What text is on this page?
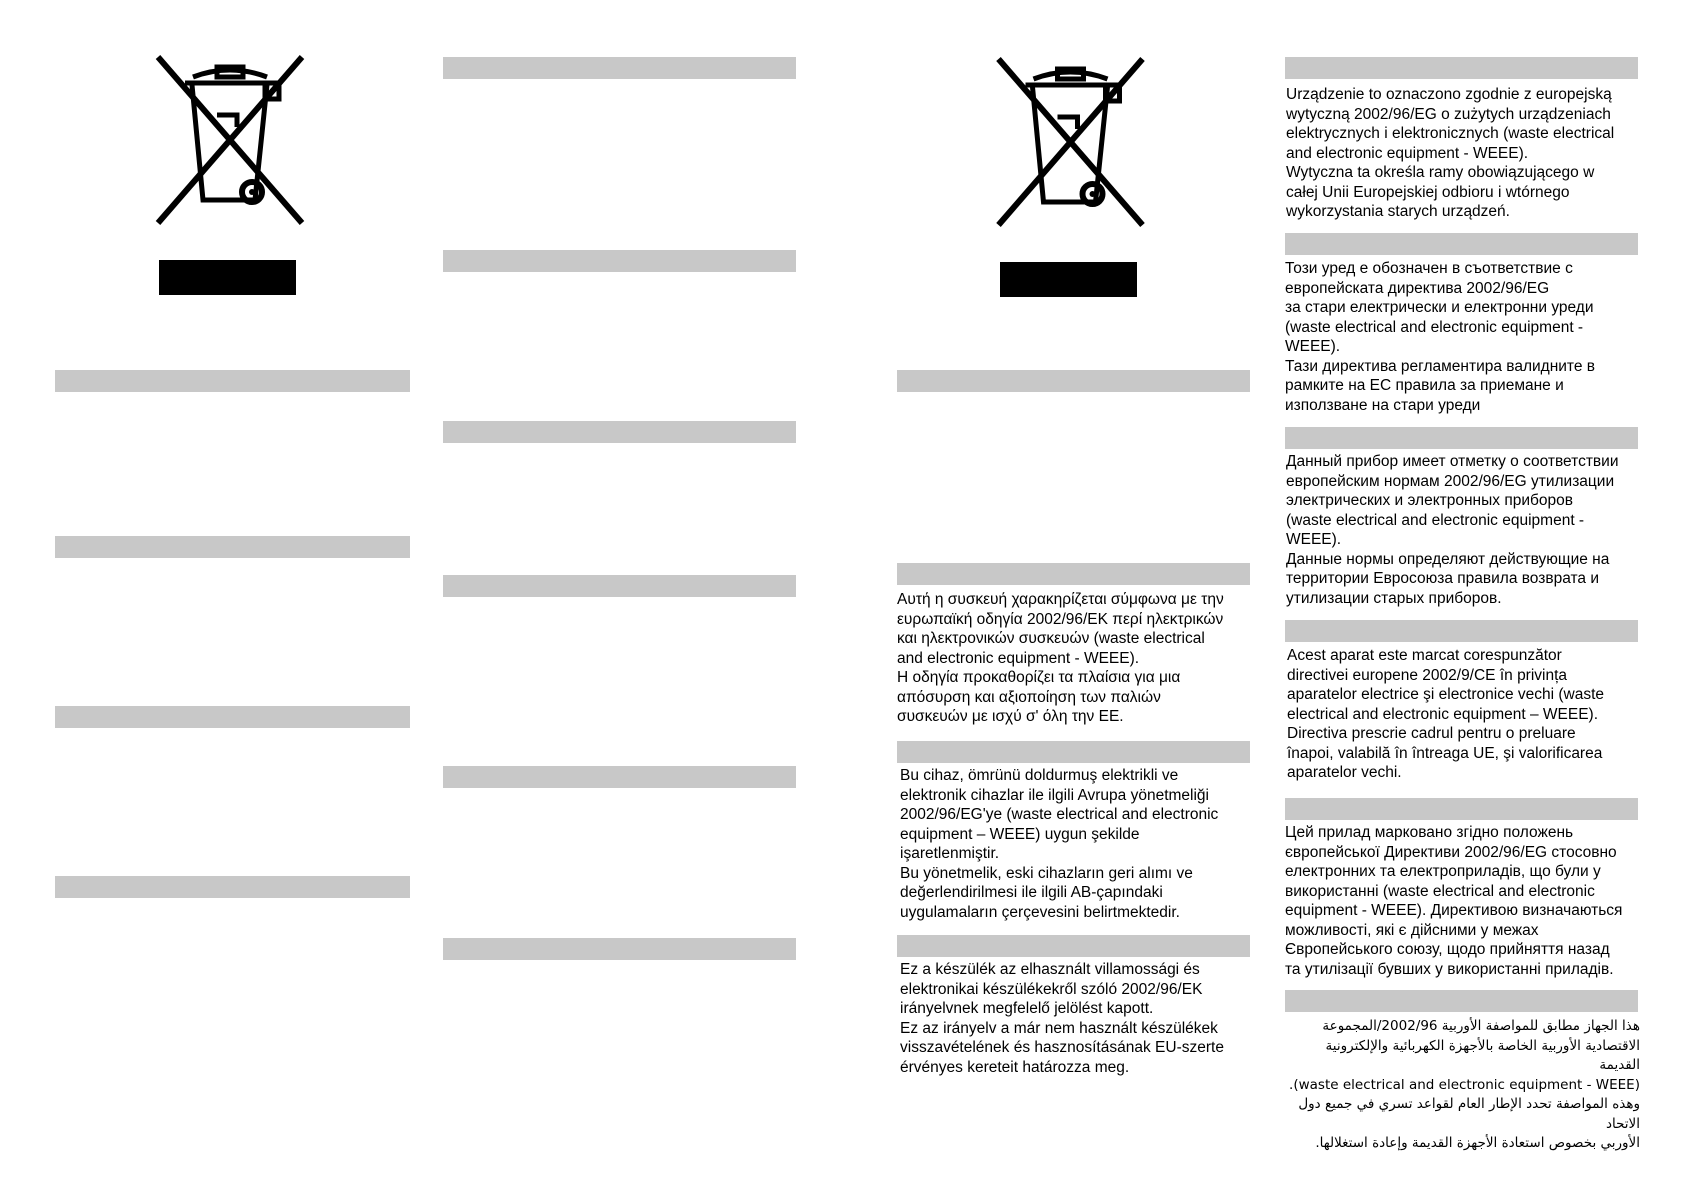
Αυτή η συσκευή χαρακηρίζεται σύμφωνα με την
ευρωπαϊκή οδηγία 2002/96/ΕΚ περί ηλεκτρικών
και ηλεκτρονικών συσκευών (waste electrical
and electronic equipment - WEEE).
Η οδηγία προκαθορίζει τα πλαίσια για μια
απόσυρση και αξιοποίηση των παλιών
συσκευών με ισχύ σ' όλη την ΕΕ.
Bu cihaz, ömrünü doldurmuş elektrikli ve
elektronik cihazlar ile ilgili Avrupa yönetmeliği
2002/96/EG'ye (waste electrical and electronic
equipment – WEEE) uygun şekilde
işaretlenmiştir.
Bu yönetmelik, eski cihazların geri alımı ve
değerlendirilmesi ile ilgili AB-çapındaki
uygulamaların çerçevesini belirtmektedir.
Ez a készülék az elhasznált villamossági és
elektronikai készülékekről szóló 2002/96/EK
irányelvnek megfelelő jelölést kapott.
Ez az irányelv a már nem használt készülékek
visszavételének és hasznosításának EU-szerte
érvényes kereteit határozza meg.
Urządzenie to oznaczono zgodnie z europejską
wytyczną 2002/96/EG o zużytych urządzeniach
elektrycznych i elektronicznych (waste electrical
and electronic equipment - WEEE).
Wytyczna ta określa ramy obowiązującego w
całej Unii Europejskiej odbioru i wtórnego
wykorzystania starych urządzeń.
Този уред е обозначен в съответствие с
европейската директива 2002/96/EG
за стари електрически и електронни уреди
(waste electrical and electronic equipment -
WEEE).
Тази директива регламентира валидните в
рамките на ЕС правила за приемане и
използване на стари уреди
Данный прибор имеет отметку о соответствии
европейским нормам 2002/96/EG утилизации
электрических и электронных приборов
(waste electrical and electronic equipment -
WEEE).
Данные нормы определяют действующие на
территории Евросоюза правила возврата и
утилизации старых приборов.
Acest aparat este marcat corespunzător
directivei europene 2002/9/CE în privința
aparatelor electrice şi electronice vechi (waste
electrical and electronic equipment – WEEE).
Directiva prescrie cadrul pentru o preluare
înapoi, valabilă în întreaga UE, şi valorificarea
aparatelor vechi.
Цей прилад марковано згідно положень
європейської Директиви 2002/96/EG стосовно
електронних та електроприладів, що були у
використанні (waste electrical and electronic
equipment - WEEE). Директивою визначаються
можливості, які є дійсними у межах
Європейського союзу, щодо прийняття назад
та утилізації бувших у використанні приладів.
هذا الجهاز مطابق للمواصفة الأوربية 2002/96/المجموعة
الاقتصادية الأوربية الخاصة بالأجهزة الكهربائية والإلكترونية القديمة
(waste electrical and electronic equipment - WEEE).
وهذه المواصفة تحدد الإطار العام لقواعد تسري في جميع دول الاتحاد
الأوربي بخصوص استعادة الأجهزة القديمة وإعادة استغلالها.
